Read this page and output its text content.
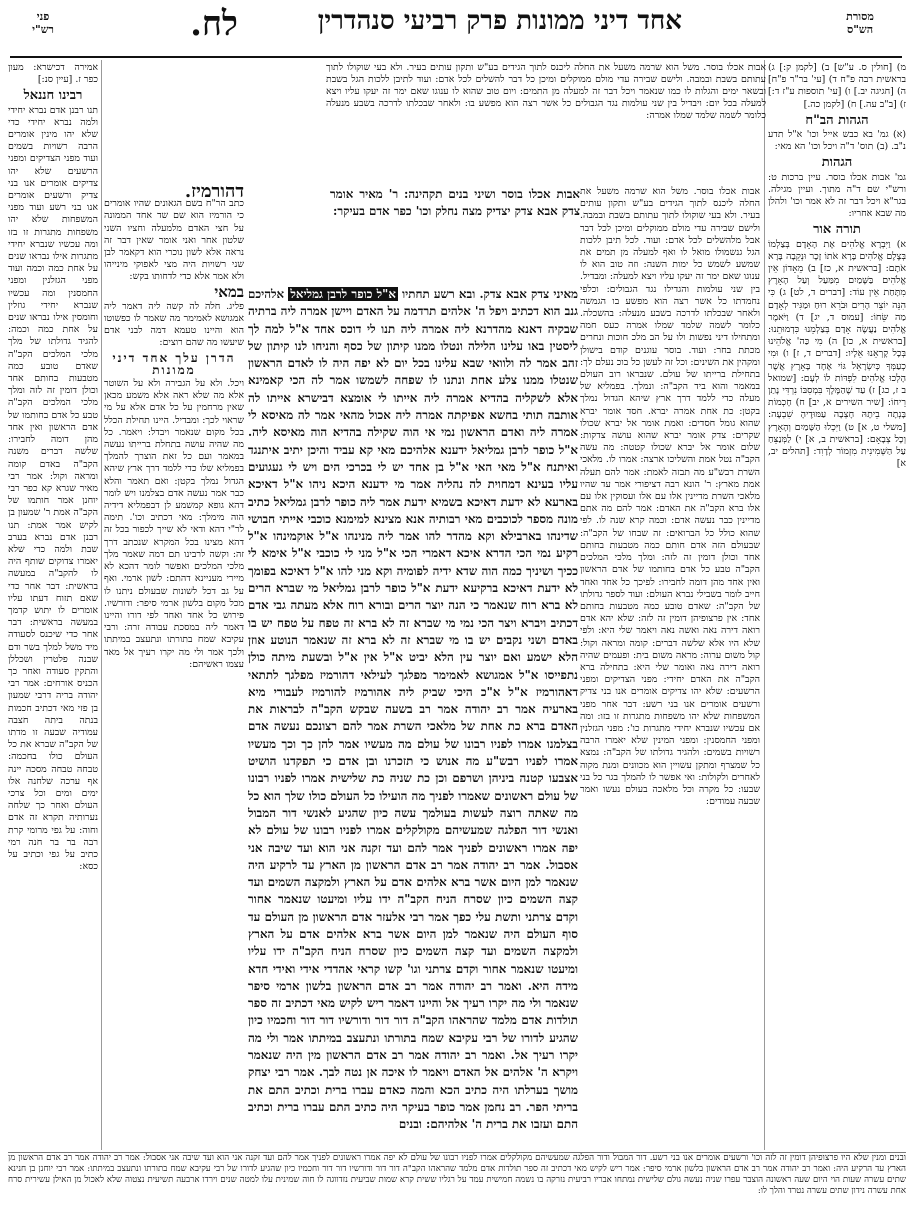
מסורת
הש"ס
אחד דיני ממונות פרק רביעי סנהדרין
לח.
פני
רש"י

מ) [חולין ס. ע"ש] ב) [לקמן ק:] ג) בראשית רבה פ"ח ד) [עי' בר"ר פ"ח] ה) [חגיגה יב.] ו) [עי' תוספות ע"ז ד:] ז) [ב"ב עה.] ח) [לקמן כה.]

הגהות הב"ח

(א) גמ' בא כבש אייל וכו' א"ל תדע נ"ב. (ב) תוס' ד"ה ויכל וכו' הא מאי:

הגהות

גמ' אבות אכלו בוסר. עיין ברכות ט: ורש"י שם ד"ה מתוך. ועיין מגילה. בגר"א ויכל דבר זה לא אמר וכו' ולהלן מה שבא אחריו:

תורה אור

א) וַיִּבְרָא אֱלֹהִים אֶת הָאָדָם בְּצַלְמוֹ בְּצֶלֶם אֱלֹהִים בָּרָא אֹתוֹ זָכָר וּנְקֵבָה בָּרָא אֹתָם: [בראשית א, כז] ב) מֵאָדוֹן אֵין אֱלֹהִים בַּשָּׁמַיִם מִמַּעַל וְעַל הָאָרֶץ מִתָּחַת אֵין עוֹד: [דברים ד, לט] ג) כִּי הִנֵּה יוֹצֵר הָרִים וּבֹרֵא רוּחַ וּמַגִּיד לְאָדָם מַה שֵּׂחוֹ: [עמוס ד, יג] ד) וַיֹּאמֶר אֱלֹהִים נַעֲשֶׂה אָדָם בְּצַלְמֵנוּ כִּדְמוּתֵנוּ: [בראשית א, כו] ה) מִי כַּה' אֱלֹהֵינוּ בְּכָל קָרְאֵנוּ אֵלָיו: [דברים ד, ז] ו) וּמִי כְעַמְּךָ כְּיִשְׂרָאֵל גּוֹי אֶחָד בָּאָרֶץ אֲשֶׁר הָלְכוּ אֱלֹהִים לִפְדּוֹת לוֹ לְעָם: [שמואל ב ז, כג] ז) עַד שֶׁהַמֶּלֶךְ בִּמְסִבּוֹ נִרְדִּי נָתַן רֵיחוֹ: [שיר השירים א, יב] ח) חָכְמוֹת בָּנְתָה בֵיתָהּ חָצְבָה עַמּוּדֶיהָ שִׁבְעָה: [משלי ט, א] ט) וַיִּכְלוּ הַשָּׁמַיִם וְהָאָרֶץ וְכָל צְבָאָם: [בראשית ב, א] י) לַמְּנַצֵּחַ עַל הַשְּׁמִינִית מִזְמוֹר לְדָוִד: [תהלים יב, א]

אבות אכלו בוסר. משל הוא שרמה משעל את החלה ליכנס לתוך הגידים בע"ש ותקון עותים בעיר. ולא בעי שוקולו לתוך עתותם בשבת ובמבה. ולישם שבירה עדי מולם ממוקלים ומיכן כל דבר להשלים לכל אדם: ועוד לתיבן ללכות הגל בשבת ובשאר ימים והגלות לו כמו שנאמר ויכל דבר זה למעלה מן התמים: ויום טוב שהוא לו ענוגו שאם ימר זה יעקו עליו ויצא למעלה בכל יום: ויבדיל בין שני עולמות נגד הגבולים כל אשר רצה הוא מפשע בו: ולאחר שבכלתו לדרכה בשבע מנעלה כלומר לשמה שלמד שמלו אמרה:

אבות אכלו בוסר. משל הוא שרמה משעל את החלה ליכנס לתוך הגידים בע"ש ותקון עותים בעיר. ולא בעי שוקולו לתוך עתותם בשבת ובמבה. ולישם שבירה עדי מולם ממוקלים ומיכן לכל דבר אבל מלהשלים לכל אדם: ועוד. לכל תיבן ללכות הגל גנשמולו מואל לו ואף למעלה מן תמים את שמשע לשמש כל ימות השנה: וזה טוב הוא לו ענוגו שאם ימר זה יעקו עליו ויצא למעלה: ומבדיל. בין שני עולמות והגדילו נגד הגבולים: וכלפי נחמדתו כל אשר רצה הוא מפשע בו הגמשה ולאחר שבכלתו לדרכה בשבע מנעלה: בהשכלה. כלומר לשמה שלמד שמלו אמרה כעס חמה ומתחילו דיני נפשות ולו על הב מלכ חוכות ונחרים מכתת בחר: ועוד. בוסר עוגנים קודם בישולן ומקהין את השינים: וכל זה לעשן כל בוכ נעלם לך: בתחילת ברייתו של עולם. שנבראו רוב העולם במאמר והוא ביד הקב"ה: ונמלך. בפמליא של מעלה כדי ללמד דרך ארץ שיהא הגדול נמלך בקטן: כת אחת אמרה יברא. חסד אומר יברא שהוא גומל חסדים: ואמת אומר אל יברא שכולו שקרים: צדק אומר יברא שהוא עושה צדקות: שלום אומר אל יברא שכולו קטטה: מה עשה הקב"ה נטל אמת והשליכו ארצה: אמרו לו. מלאכי השרת רבש"ע מה תבזה לאמת: אמר להם תעלה אמת מארץ: ר' הונא רבה דציפורי אמר עד שהיו מלאכי השרת מדיינין אלו עם אלו ועסוקין אלו עם אלו ברא הקב"ה את האדם: אמר להם מה אתם מדיינין כבר נעשה אדם: וכמה קרא שנה לו. לפי שהוא כולל כל הברואים: זה שבחו של הקב"ה: שבעולם הזה אדם חותם כמה מטבעות בחותם אחד וכולן דומין זה לזה: ומלך מלכי המלכים הקב"ה טבע כל אדם בחותמו של אדם הראשון ואין אחד מהן דומה לחבירו: לפיכך כל אחד ואחד חייב לומר בשבילי נברא העולם: ועוד לספר גדולתו של הקב"ה: שאדם טובע כמה מטבעות בחותם אחד: אין פרצופיהן דומין זה לזה: שלא יהא אדם רואה דירה נאה ואשה נאה ויאמר שלי היא: ולפי שלא היו אלא שלשה דברים: קומה ומראה וקול: קול משום ערוה: מראה משום בית: ופעמים שהיה רואה דירה נאה ואומר שלי היא: בתחילה ברא הקב"ה את האדם יחידי: מפני הצדיקים ומפני הרשעים: שלא יהו צדיקים אומרים אנו בני צדיק ורשעים אומרים אנו בני רשע: דבר אחר מפני המשפחות שלא יהו משפחות מתגרות זו בזו: ומה אם עכשיו שנברא יחידי מתגרות כו': מפני הגזלנין ומפני החמסנין: ומפני המינין שלא יאמרו הרבה רשויות בשמים: ולהגיד גדולתו של הקב"ה: נמצא כל שמצרף ומתקן עשויין הוא מכוונים ומנת מקוה לאחרים ולקולות: ואי אפשר לו להמלך בגר כל בני שבעו: כל מקרה וכל מלאכה בעולם נעשו ואמר שבעה עמודים:

אבות אכלו בוסר ושיני בנים תקהינה: ר' מאיר אומר צדק אבא צדק יצדיק מצה נחלק וכו' כפר אדם בעיקר:

מאיני צדק אבא צדק. ובא רשע תחתיו א"ל כופר לרבן גמליאל אלהיכם גנב הוא דכתיב ויפל ה' אלהים תרדמה על האדם ויישן אמרה ליה ברתיה שבקיה דאנא מהדרנא ליה אמרה ליה תנו לי דוכס אחד א"ל למה לך ליסטין באו עלינו הלילה ונטלו ממנו קיתון של כסף והניחו לנו קיתון של זהב אמר לה ולוואי שבא עלינו בכל יום לא יפה היה לו לאדם הראשון שנטלו ממנו צלע אחת ונתנו לו שפחה לשמשו אמר לה הכי קאמינא אלא לשקליה בהדיא אמרה ליה אייתו לי אומצא דבישרא אייתו לה אותבה תותי בחשא אפיקתה אמרה ליה אכול מהאי אמר לה מאיסא לי אמרה ליה ואדם הראשון נמי אי הוה שקילה בהדיא הוה מאיסא ליה. א"ל כופר לרבן גמליאל ידענא אלהיכם מאי קא עביד והיכן יתיב איתנגד ואיתנח א"ל מאי האי א"ל בן אחד יש לי בכרכי הים ויש לי געגועים עליו בעינא דמחוית לה נהליה אמר מי ידענא היכא ניהו א"ל דאיכא בארעא לא ידעת דאיכא בשמיא ידעת אמר ליה כופר לרבן גמליאל כתיב מונה מספר לכוכבים מאי רבותיה אנא מצינא למימנא כוכבי אייתי חבושי שדינהו בארבילא וקא מהדר להו אמר ליה מנינהו א"ל אוקמינהו א"ל רקיע נמי הכי הדרא איכא דאמרי הכי א"ל מני לי כוכבי א"ל אימא לי ככיך ושיניך כמה הוה שדא ידיה לפומיה וקא מני להו א"ל דאיכא בפומך לא ידעת דאיכא ברקיעא ידעת א"ל כופר לרבן גמליאל מי שברא הרים לא ברא רוח שנאמר כי הנה יוצר הרים ובורא רוח אלא מעתה גבי אדם דכתיב ויברא ויצר הכי נמי מי שברא זה לא ברא זה טפח על טפח יש בו באדם ושני נקבים יש בו מי שברא זה לא ברא זה שנאמר הנוטע אוזן הלא ישמע ואם יוצר עין הלא יביט א"ל אין א"ל ובשעת מיתה כולן נתפייסו א"ל אמגושא לאמימר מפלגך לעילאי דהורמיז מפלגך לתתאי דאהורמיז א"ל א"כ היכי שביק ליה אהורמיז להורמיז לעבורי מיא בארעיה אמר רב יהודה אמר רב בשעה שבקש הקב"ה לבראות את האדם ברא כת אחת של מלאכי השרת אמר להם רצונכם נעשה אדם בצלמנו אמרו לפניו רבונו של עולם מה מעשיו אמר להן כך וכך מעשיו אמרו לפניו רבש"ע מה אנוש כי תזכרנו ובן אדם כי תפקדנו הושיט אצבעו קטנה ביניהן ושרפם וכן כת שניה כת שלישית אמרו לפניו רבונו של עולם ראשונים שאמרו לפניך מה הועילו כל העולם כולו שלך הוא כל מה שאתה רוצה לעשות בעולמך עשה כיון שהגיע לאנשי דור המבול ואנשי דור הפלגה שמעשיהם מקולקלים אמרו לפניו רבונו של עולם לא יפה אמרו ראשונים לפניך אמר להם ועד זקנה אני הוא ועד שיבה אני אסבול. אמר רב יהודה אמר רב אדם הראשון מן הארץ עד לרקיע היה שנאמר למן היום אשר ברא אלהים אדם על הארץ ולמקצה השמים ועד קצה השמים כיון שסרח הניח הקב"ה ידו עליו ומיעטו שנאמר אחור וקדם צרתני ותשת עלי כפך אמר רבי אלעזר אדם הראשון מן העולם עד סוף העולם היה שנאמר למן היום אשר ברא אלהים אדם על הארץ ולמקצה השמים ועד קצה השמים כיון שסרח הניח הקב"ה ידו עליו ומיעטו שנאמר אחור וקדם צרתני וגו' קשו קראי אהדדי אידי ואידי חדא מידה היא. ואמר רב יהודה אמר רב אדם הראשון בלשון ארמי סיפר שנאמר ולי מה יקרו רעיך אל והיינו דאמר ריש לקיש מאי דכתיב זה ספר תולדות אדם מלמד שהראהו הקב"ה דור דור ודורשיו דור דור וחכמיו כיון שהגיע לדורו של רבי עקיבא שמח בתורתו ונתעצב במיתתו אמר ולי מה יקרו רעיך אל. ואמר רב יהודה אמר רב אדם הראשון מין היה שנאמר ויקרא ה' אלהים אל האדם ויאמר לו איכה אן נטה לבך. אמר רבי יצחק מושך בערלתו היה כתיב הכא והמה כאדם עברו ברית וכתיב התם את בריתי הפר. רב נחמן אמר כופר בעיקר היה כתיב התם עברו ברית וכתיב התם ועזבו את ברית ה' אלהיהם: ובנים

דהורמיז.

כתב הר"ח בשם הגאונים שהיו אומרים כי הורמיז הוא שם שד אחד הממונה על חצי האדם מלמעלה וחציו השני שלטון אחר ואני אומר שאין דבר זה נראה אלא לשון נוכרי הוא דקאמר לבן שני רשויות היה מצי לאפוקי מינייהו ולא אמר אלא כדי לדחותו בקש:

במאי

פליג. חלה לה קשה ליה דאמר ליה אמגושא לאמימר מה שאמר לו כפשוטו הוא והיינו טעמא דמה לבני אדם שיעשו מה שהם רוצים:

הדרן עלך אחד דיני ממונות

ויכל. ולא על הגבירה ולא על השוטר אלא מה שלא ראה אלא משמע מכאן שאין מרחמין על כל אדם אלא על מי שראוי לכך: ומבדיל. היינו תחילת הכלל בכל מקום שנאמר ויבדל: ויאמר. כל מה שהיה עושה בתחלת ברייתו נעשה במאמר ועם כל זאת הוצרך להמלך בפמליא שלו כדי ללמד דרך ארץ שיהא הגדול נמלך בקטן: ואם תאמר והלא כבר אמר נעשה אדם בצלמנו ויש לומר דהא גופא קמשמע לן דבפמליא דידיה הוה מימלך: מאי דכתיב וכו'. תימה לר"י דהא ודאי לא שייך לכפור בכל זה דהא מצינו בכל המקרא שנכתב דרך זה: וקשה לרבינו תם דמה שאמר מלך מלכי המלכים ואפשר לומר דהכא לא מיירי מעניינא דהתם: לשון ארמי. ואף על גב דכל לשונות שבעולם ניתנו לו מכל מקום בלשון ארמי סיפר: ודורשיו. פירוש כל אחד ואחד לפי דורו והיינו דאמר ליה במסכת עבודה זרה: ורבי עקיבא שמח בתורתו ונתעצב במיתתו ולכך אמר ולי מה יקרו רעיך אל מאד עצמו ראשיהם:

אמירה דכישרא: מעון כפר ז. [עיין סנ:]

רבינו חננאל

תנו רבנן אדם נברא יחידי ולמה נברא יחידי כדי שלא יהו מינין אומרים הרבה רשויות בשמים ועוד מפני הצדיקים ומפני הרשעים שלא יהו צדיקים אומרים אנו בני צדיק ורשעים אומרים אנו בני רשע ועוד מפני המשפחות שלא יהו משפחות מתגרות זו בזו ומה עכשיו שנברא יחידי מתגרות אילו נבראו שנים על אחת כמה וכמה ועוד מפני הגזלנין ומפני החמסנין ומה עכשיו שנברא יחידי גוזלין וחומסין אילו נבראו שנים על אחת כמה וכמה: להגיד גדולתו של מלך מלכי המלכים הקב"ה שאדם טובע כמה מטבעות בחותם אחד וכולן דומין זה לזה ומלך מלכי המלכים הקב"ה טבע כל אדם בחותמו של אדם הראשון ואין אחד מהן דומה לחבירו: שלשה דברים משנה הקב"ה באדם קומה ומראה וקול: אמר רבי מאיר שגרא קא כפר רבי יוחנן אמר חותמו של הקב"ה אמת ר' שמעון בן לקיש אמר אמת: תנו רבנן אדם נברא בערב שבת ולמה כדי שלא יאמרו צדוקים שותף היה לו להקב"ה במעשה בראשית: דבר אחר כדי שאם תזוח דעתו עליו אומרים לו יתוש קדמך במעשה בראשית: דבר אחר כדי שיכנס לסעודה מיד משל למלך בשר ודם שבנה פלטרין ושכללן והתקין סעודה ואחר כך הכניס אורחים: אמר רבי יהודה בריה דרבי שמעון בן פזי מאי דכתיב חכמות בנתה ביתה חצבה עמודיה שבעה זו מדתו של הקב"ה שברא את כל העולם כולו בחכמה: טבחה טבחה מסכה יינה אף ערכה שלחנה אלו ימים ומים וכל צרכי העולם ואחר כך שלחה נערותיה תקרא זה אדם וחוה: על גפי מרומי קרת רבה בר בר חנה רמי כתיב על גפי וכתיב על כסא:

ובנים ומנין שלא היו פרצופיהן דומין זה לזה וכו' ורשעים אומרים אנו בני רשע. דור המבול ודור הפלגה שמעשיהם מקולקלים אמרו לפניו רבונו של עולם לא יפה אמרו ראשונים לפניך אמר להם ועד זקנה אני הוא ועד שיבה אני אסבול: אמר רב יהודה אמר רב אדם הראשון מן הארץ עד הרקיע היה: ואמר רב יהודה אמר רב אדם הראשון בלשון ארמי סיפר: אמר ריש לקיש מאי דכתיב זה ספר תולדות אדם מלמד שהראהו הקב"ה דור דור ודורשיו דור דור וחכמיו כיון שהגיע לדורו של רבי עקיבא שמח בתורתו ונתעצב במיתתו: אמר רבי יוחנן בן חנינא שתים עשרה שעות הוי היום שעה ראשונה הוצבר עפרו שניה נעשה גולם שלישית נמתחו אבריו רביעית נזרקה בו נשמה חמישית עמד על רגליו ששית קרא שמות שביעית נזדווגה לו חוה שמינית עלו למטה שנים וירדו ארבעה תשיעית נצטוה שלא לאכול מן האילן עשירית סרח אחת עשרה נידון שתים עשרה נטרד והלך לו:
